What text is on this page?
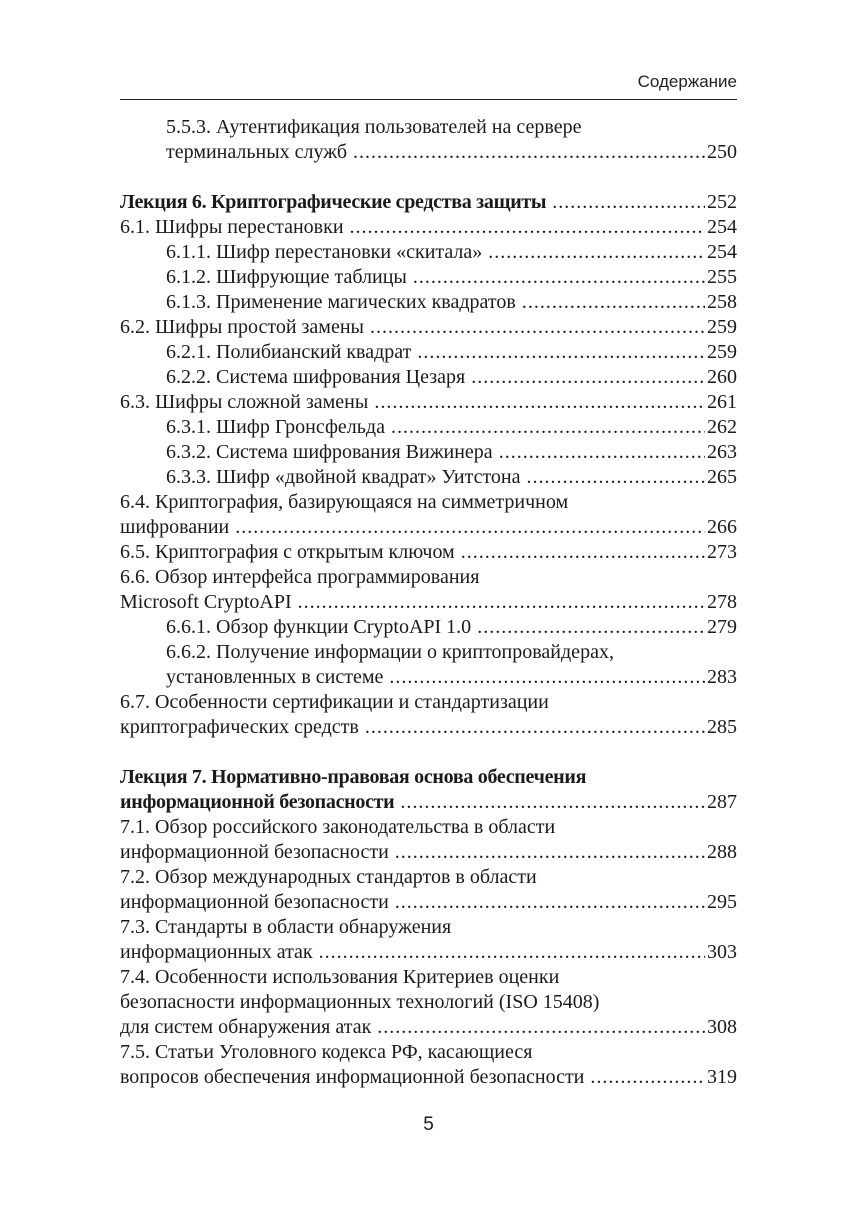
Содержание
5.5.3. Аутентификация пользователей на сервере
терминальных служб .....	250
Лекция 6. Криптографические средства защиты .....	252
6.1. Шифры перестановки .....	254
6.1.1. Шифр перестановки «скитала» .....	254
6.1.2. Шифрующие таблицы .....	255
6.1.3. Применение магических квадратов .....	258
6.2. Шифры простой замены .....	259
6.2.1. Полибианский квадрат .....	259
6.2.2. Система шифрования Цезаря .....	260
6.3. Шифры сложной замены .....	261
6.3.1. Шифр Гронсфельда .....	262
6.3.2. Система шифрования Вижинера .....	263
6.3.3. Шифр «двойной квадрат» Уитстона .....	265
6.4. Криптография, базирующаяся на симметричном
шифровании .....	266
6.5. Криптография с открытым ключом .....	273
6.6. Обзор интерфейса программирования
Microsoft CryptoAPI .....	278
6.6.1. Обзор функции CryptoAPI 1.0 .....	279
6.6.2. Получение информации о криптопровайдерах,
установленных в системе .....	283
6.7. Особенности сертификации и стандартизации
криптографических средств .....	285
Лекция 7. Нормативно-правовая основа обеспечения
информационной безопасности .....	287
7.1. Обзор российского законодательства в области
информационной безопасности .....	288
7.2. Обзор международных стандартов в области
информационной безопасности .....	295
7.3. Стандарты в области обнаружения
информационных атак .....	303
7.4. Особенности использования Критериев оценки
безопасности информационных технологий (ISO 15408)
для систем обнаружения атак .....	308
7.5. Статьи Уголовного кодекса РФ, касающиеся
вопросов обеспечения информационной безопасности .....	319
5
